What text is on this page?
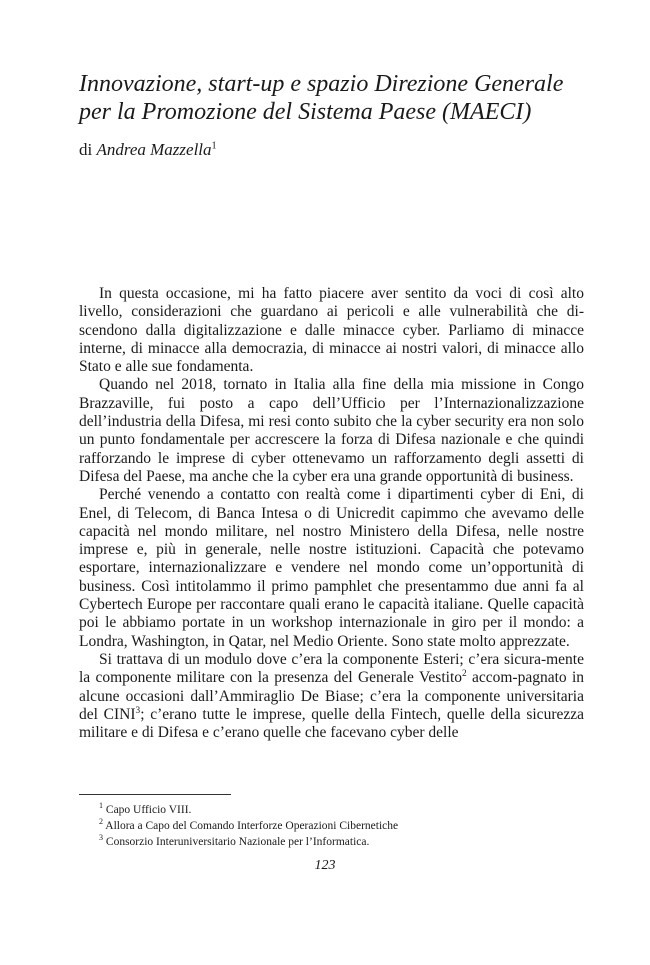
Innovazione, start-up e spazio Direzione Generale per la Promozione del Sistema Paese (MAECI)
di Andrea Mazzella$^1$

In questa occasione, mi ha fatto piacere aver sentito da voci di così alto livello, considerazioni che guardano ai pericoli e alle vulnerabilità che di-scendono dalla digitalizzazione e dalle minacce cyber. Parliamo di minacce interne, di minacce alla democrazia, di minacce ai nostri valori, di minacce allo Stato e alle sue fondamenta.

Quando nel 2018, tornato in Italia alla fine della mia missione in Congo Brazzaville, fui posto a capo dell’Ufficio per l’Internazionalizzazione dell’industria della Difesa, mi resi conto subito che la cyber security era non solo un punto fondamentale per accrescere la forza di Difesa nazionale e che quindi rafforzando le imprese di cyber ottenevamo un rafforzamento degli assetti di Difesa del Paese, ma anche che la cyber era una grande opportunità di business.

Perché venendo a contatto con realtà come i dipartimenti cyber di Eni, di Enel, di Telecom, di Banca Intesa o di Unicredit capimmo che avevamo delle capacità nel mondo militare, nel nostro Ministero della Difesa, nelle nostre imprese e, più in generale, nelle nostre istituzioni. Capacità che potevamo esportare, internazionalizzare e vendere nel mondo come un’opportunità di business. Così intitolammo il primo pamphlet che presentammo due anni fa al Cybertech Europe per raccontare quali erano le capacità italiane. Quelle capacità poi le abbiamo portate in un workshop internazionale in giro per il mondo: a Londra, Washington, in Qatar, nel Medio Oriente. Sono state molto apprezzate.

Si trattava di un modulo dove c’era la componente Esteri; c’era sicura-mente la componente militare con la presenza del Generale Vestito$^2$ accom-pagnato in alcune occasioni dall’Ammiraglio De Biase; c’era la componente universitaria del CINI$^3$; c’erano tutte le imprese, quelle della Fintech, quelle della sicurezza militare e di Difesa e c’erano quelle che facevano cyber delle

$^1$ Capo Ufficio VIII.
$^2$ Allora a Capo del Comando Interforze Operazioni Cibernetiche
$^3$ Consorzio Interuniversitario Nazionale per l’Informatica.
123
